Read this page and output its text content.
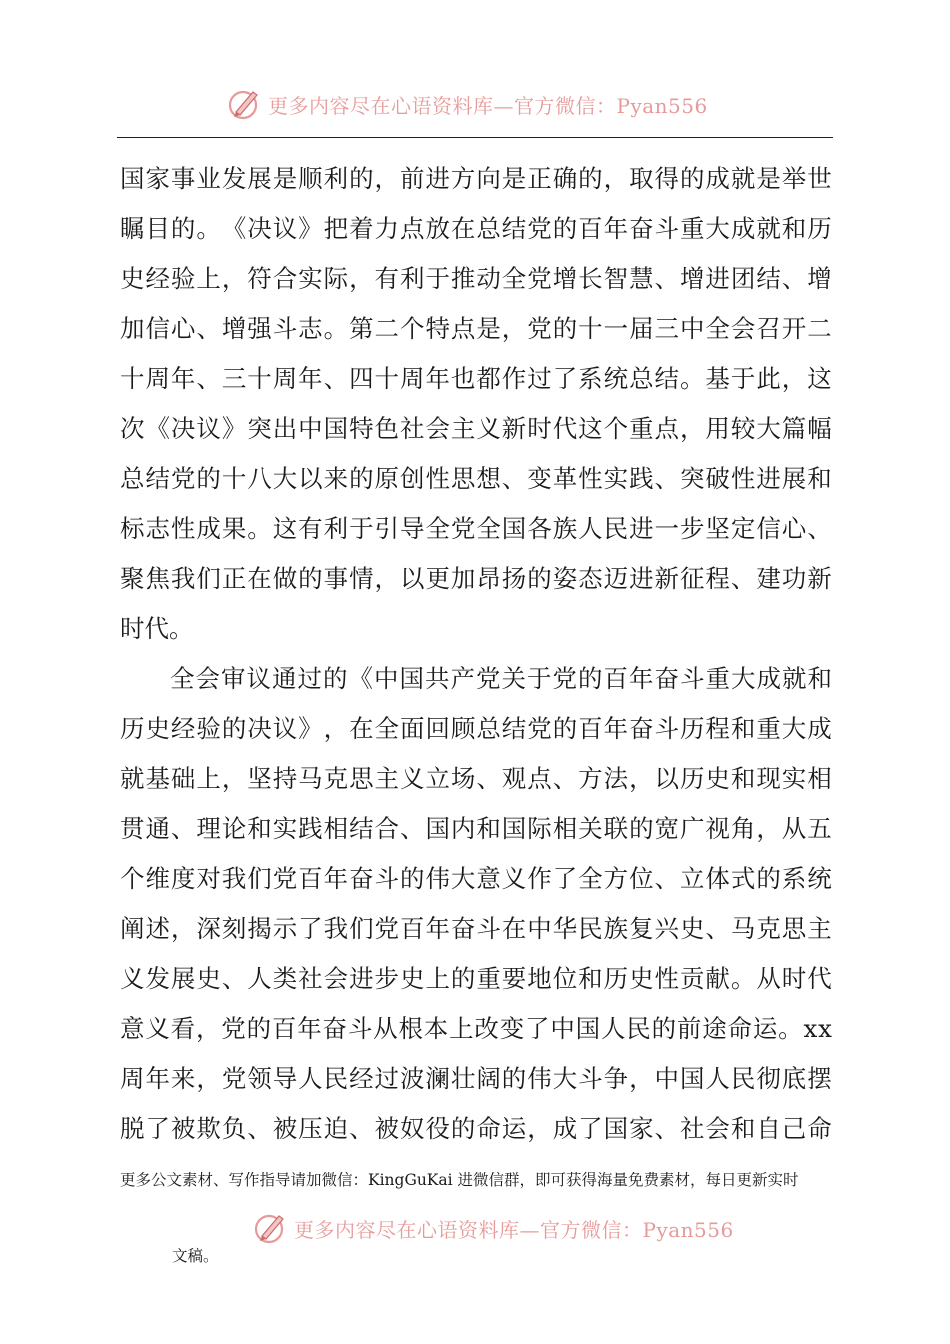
更多内容尽在心语资料库—官方微信：Pyan556
国 家 事 业 发 展 是 顺 利 的 ， 前 进 方 向 是 正 确 的 ， 取 得 的 成 就 是 举 世
瞩 目 的 。 《 决 议 》 把 着 力 点 放 在 总 结 党 的 百 年 奋 斗 重 大 成 就 和 历
史 经 验 上 ， 符 合 实 际 ， 有 利 于 推 动 全 党 增 长 智 慧 、 增 进 团 结 、 增
加 信 心 、 增 强 斗 志 。 第 二 个 特 点 是 ， 党 的 十 一 届 三 中 全 会 召 开 二
十 周 年 、 三 十 周 年 、 四 十 周 年 也 都 作 过 了 系 统 总 结 。 基 于 此 ， 这
次 《 决 议 》 突 出 中 国 特 色 社 会 主 义 新 时 代 这 个 重 点 ， 用 较 大 篇 幅
总 结 党 的 十 八 大 以 来 的 原 创 性 思 想 、 变 革 性 实 践 、 突 破 性 进 展 和
标 志 性 成 果 。 这 有 利 于 引 导 全 党 全 国 各 族 人 民 进 一 步 坚 定 信 心 、
聚 焦 我 们 正 在 做 的 事 情 ， 以 更 加 昂 扬 的 姿 态 迈 进 新 征 程 、 建 功 新
时代。
全 会 审 议 通 过 的 《 中 国 共 产 党 关 于 党 的 百 年 奋 斗 重 大 成 就 和
历 史 经 验 的 决 议 》 ， 在 全 面 回 顾 总 结 党 的 百 年 奋 斗 历 程 和 重 大 成
就 基 础 上 ， 坚 持 马 克 思 主 义 立 场 、 观 点 、 方 法 ， 以 历 史 和 现 实 相
贯 通 、 理 论 和 实 践 相 结 合 、 国 内 和 国 际 相 关 联 的 宽 广 视 角 ， 从 五
个 维 度 对 我 们 党 百 年 奋 斗 的 伟 大 意 义 作 了 全 方 位 、 立 体 式 的 系 统
阐 述 ， 深 刻 揭 示 了 我 们 党 百 年 奋 斗 在 中 华 民 族 复 兴 史 、 马 克 思 主
义 发 展 史 、 人 类 社 会 进 步 史 上 的 重 要 地 位 和 历 史 性 贡 献 。 从 时 代
意 义 看 ， 党 的 百 年 奋 斗 从 根 本 上 改 变 了 中 国 人 民 的 前 途 命 运 。 x x
周 年 来 ， 党 领 导 人 民 经 过 波 澜 壮 阔 的 伟 大 斗 争 ， 中 国 人 民 彻 底 摆
脱 了 被 欺 负 、 被 压 迫 、 被 奴 役 的 命 运 ， 成 了 国 家 、 社 会 和 自 己 命
更多公文素材、写作指导请加微信：KingGuKai 进微信群，即可获得海量免费素材，每日更新实时
更多内容尽在心语资料库—官方微信：Pyan556
文稿。
